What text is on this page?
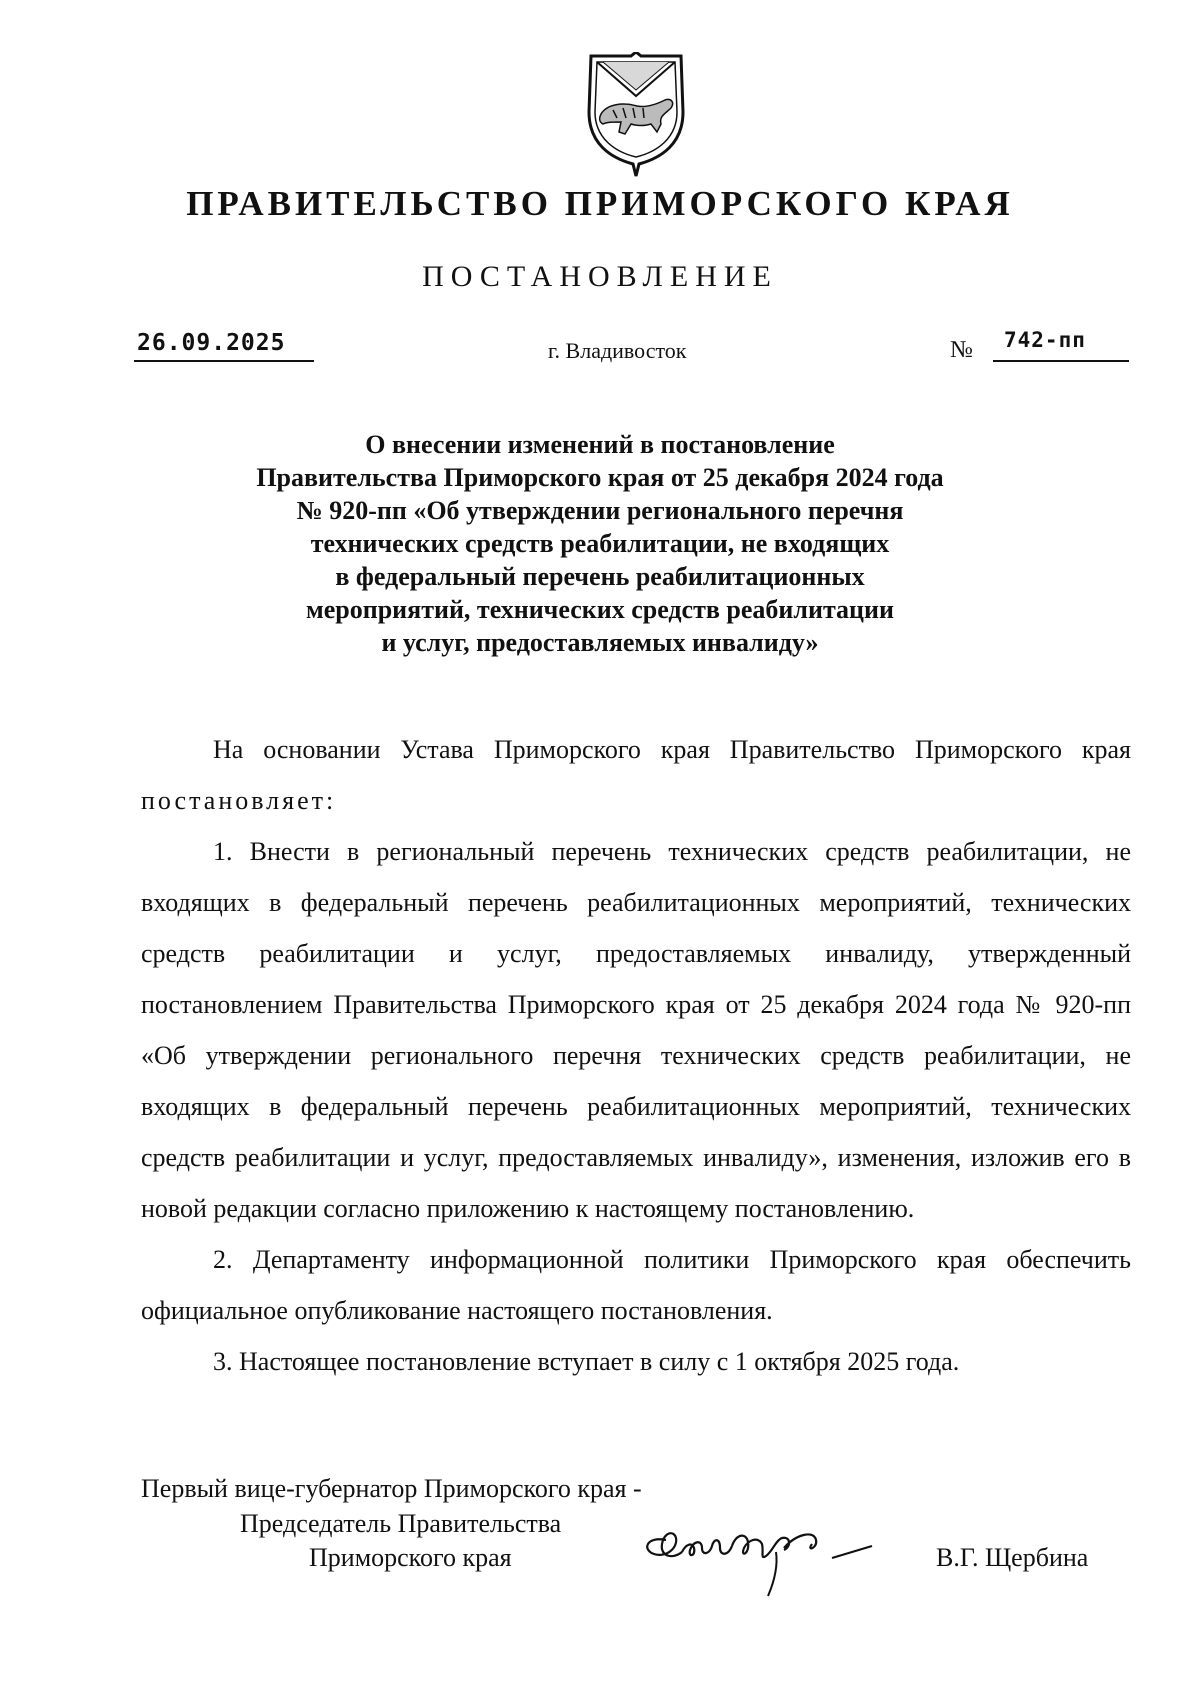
ПРАВИТЕЛЬСТВО ПРИМОРСКОГО КРАЯ
ПОСТАНОВЛЕНИЕ
26.09.2025	г. Владивосток	№ 742-пп
О внесении изменений в постановление
Правительства Приморского края от 25 декабря 2024 года
№ 920-пп «Об утверждении регионального перечня
технических средств реабилитации, не входящих
в федеральный перечень реабилитационных
мероприятий, технических средств реабилитации
и услуг, предоставляемых инвалиду»

На основании Устава Приморского края Правительство Приморского края постановляет:

1. Внести в региональный перечень технических средств реабилитации, не входящих в федеральный перечень реабилитационных мероприятий, технических средств реабилитации и услуг, предоставляемых инвалиду, утвержденный постановлением Правительства Приморского края от 25 декабря 2024 года № 920-пп «Об утверждении регионального перечня технических средств реабилитации, не входящих в федеральный перечень реабилитационных мероприятий, технических средств реабилитации и услуг, предоставляемых инвалиду», изменения, изложив его в новой редакции согласно приложению к настоящему постановлению.

2. Департаменту информационной политики Приморского края обеспечить официальное опубликование настоящего постановления.

3. Настоящее постановление вступает в силу с 1 октября 2025 года.

Первый вице-губернатор Приморского края -
Председатель Правительства
Приморского края	В.Г. Щербина
